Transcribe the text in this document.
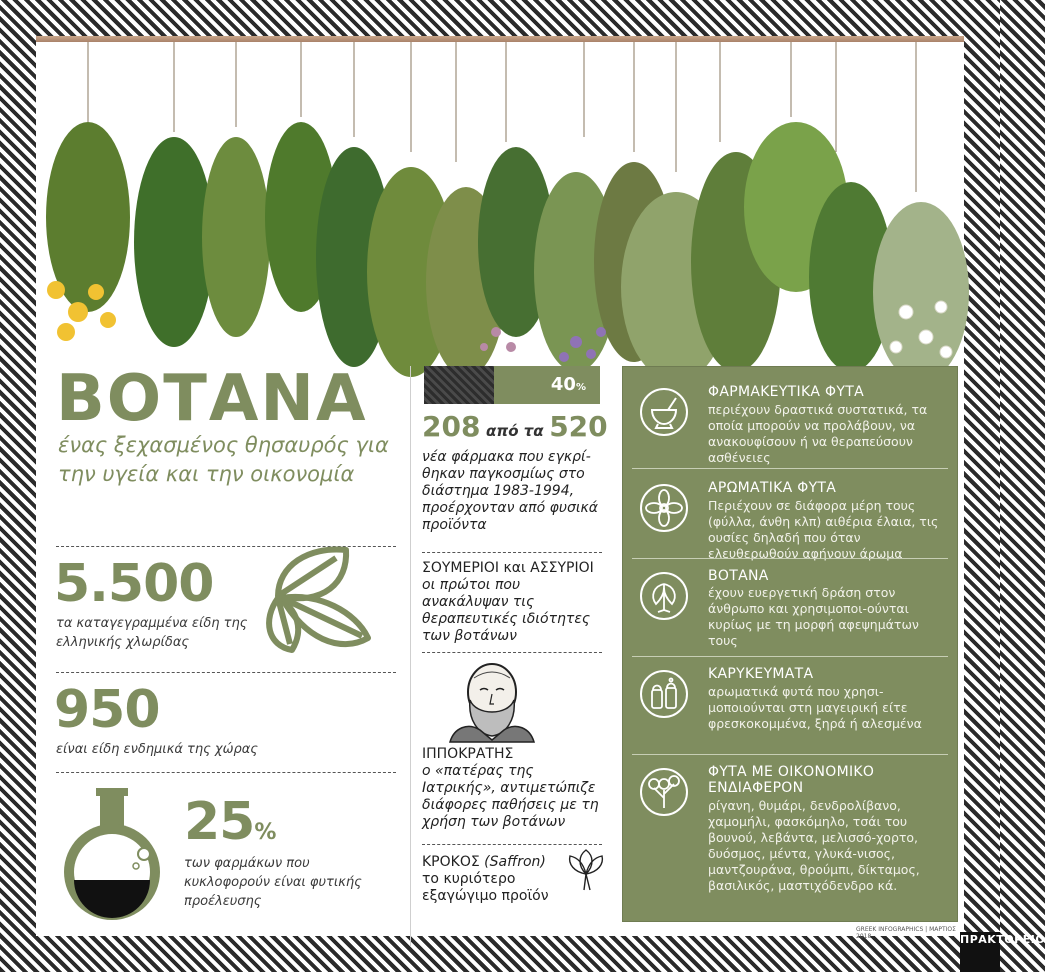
ΒΟΤΑΝΑ
ένας ξεχασμένος θησαυρός για την υγεία και την οικονομία
5.500
τα καταγεγραμμένα είδη της ελληνικής χλωρίδας
950
είναι είδη ενδημικά της χώρας
25%
των φαρμάκων που κυκλοφορούν είναι φυτικής προέλευσης
40%
208 από τα 520
νέα φάρμακα που εγκρί-θηκαν παγκοσμίως στο διάστημα 1983-1994, προέρχονταν από φυσικά προϊόντα
ΣΟΥΜΕΡΙΟΙ και ΑΣΣΥΡΙΟΙ οι πρώτοι που ανακάλυψαν τις θεραπευτικές ιδιότητες των βοτάνων
ΙΠΠΟΚΡΑΤΗΣ
ο «πατέρας της Ιατρικής», αντιμετώπιζε διάφορες παθήσεις με τη χρήση των βοτάνων
ΚΡΟΚΟΣ (Saffron)
το κυριότερο εξαγώγιμο προϊόν
ΦΑΡΜΑΚΕΥΤΙΚΑ ΦΥΤΑ
περιέχουν δραστικά συστατικά, τα οποία μπορούν να προλάβουν, να ανακουφίσουν ή να θεραπεύσουν ασθένειες
ΑΡΩΜΑΤΙΚΑ ΦΥΤΑ
Περιέχουν σε διάφορα μέρη τους (φύλλα, άνθη κλπ) αιθέρια έλαια, τις ουσίες δηλαδή που όταν ελευθερωθούν αφήνουν άρωμα
ΒΟΤΑΝΑ
έχουν ευεργετική δράση στον άνθρωπο και χρησιμοποι-ούνται κυρίως με τη μορφή αφεψημάτων τους
ΚΑΡΥΚΕΥΜΑΤΑ
αρωματικά φυτά που χρησι-μοποιούνται στη μαγειρική είτε φρεσκοκομμένα, ξηρά ή αλεσμένα
ΦΥΤΑ ΜΕ ΟΙΚΟΝΟΜΙΚΟ ΕΝΔΙΑΦΕΡΟΝ
ρίγανη, θυμάρι, δενδρολίβανο, χαμομήλι, φασκόμηλο, τσάι του βουνού, λεβάντα, μελισσό-χορτο, δυόσμος, μέντα, γλυκά-νισος, μαντζουράνα, θρούμπι, δίκταμος, βασιλικός, μαστιχόδενδρο κά.
GREEK INFOGRAPHICS | ΜΑΡΤΙΟΣ 2018	ΠΡΑΚΤΟΡΕΙΟ
